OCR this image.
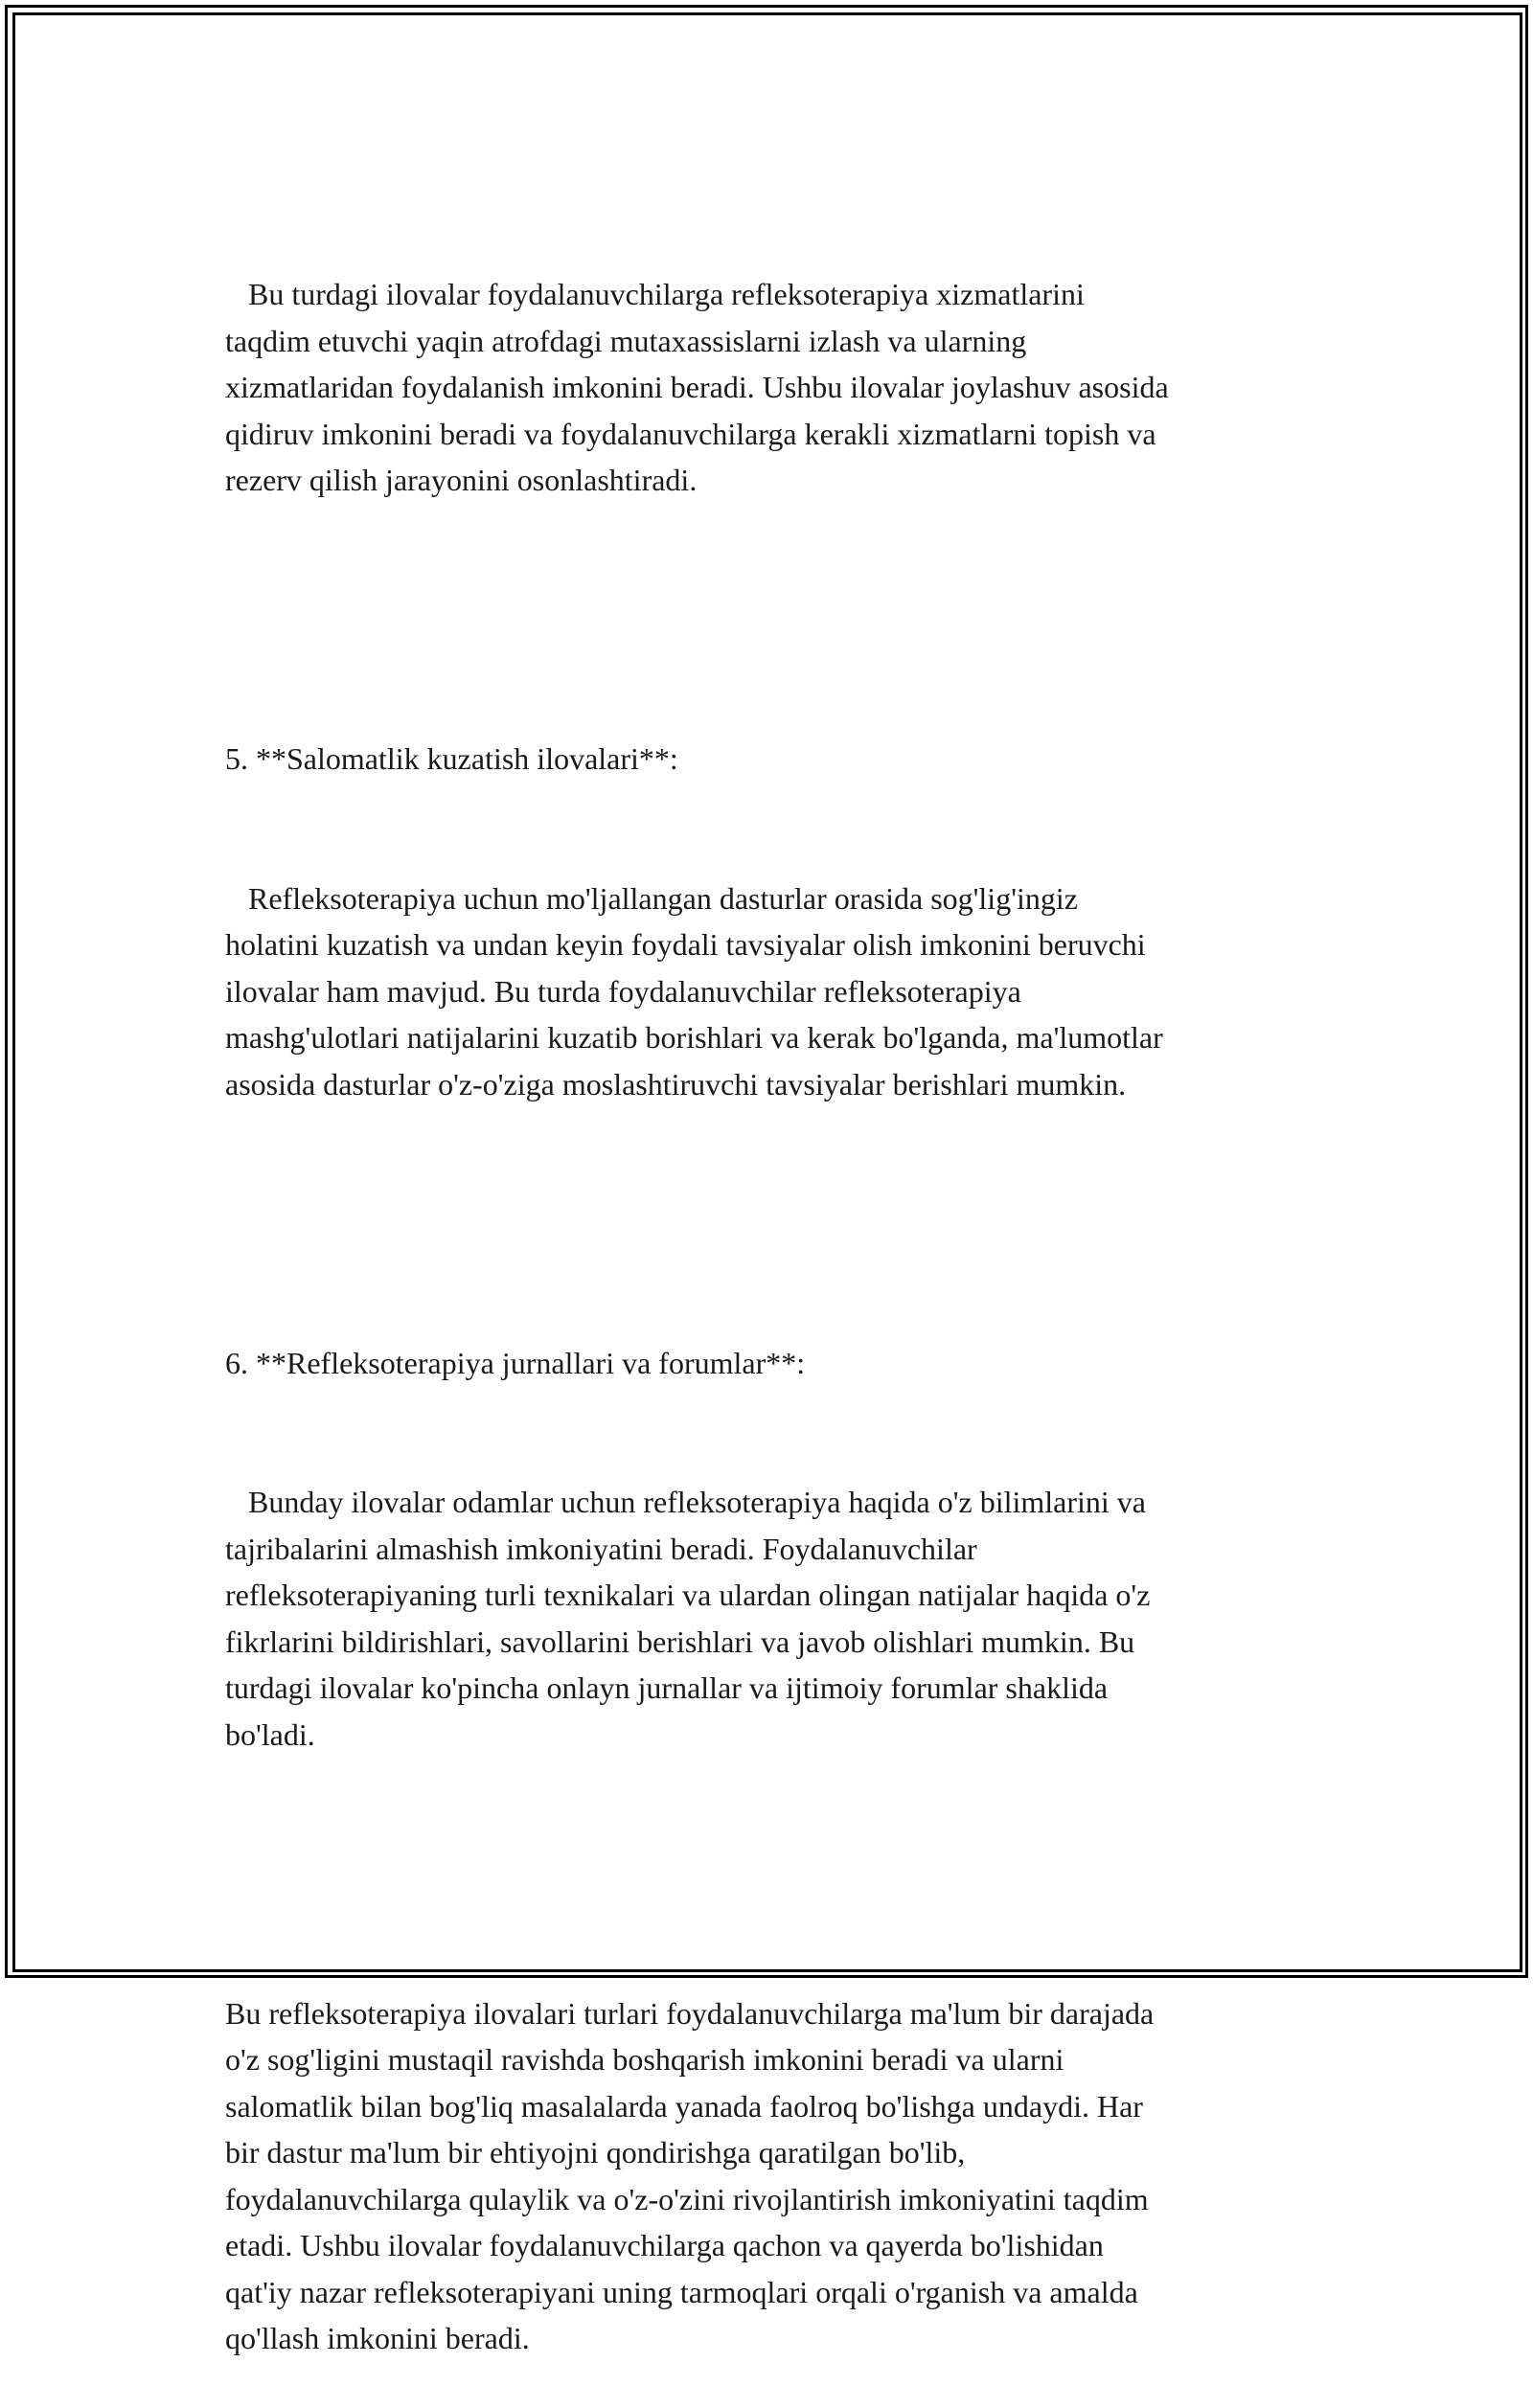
Bu turdagi ilovalar foydalanuvchilarga refleksoterapiya xizmatlarini
taqdim etuvchi yaqin atrofdagi mutaxassislarni izlash va ularning
xizmatlaridan foydalanish imkonini beradi. Ushbu ilovalar joylashuv asosida
qidiruv imkonini beradi va foydalanuvchilarga kerakli xizmatlarni topish va
rezerv qilish jarayonini osonlashtiradi.

5. **Salomatlik kuzatish ilovalari**:

Refleksoterapiya uchun mo'ljallangan dasturlar orasida sog'lig'ingiz
holatini kuzatish va undan keyin foydali tavsiyalar olish imkonini beruvchi
ilovalar ham mavjud. Bu turda foydalanuvchilar refleksoterapiya
mashg'ulotlari natijalarini kuzatib borishlari va kerak bo'lganda, ma'lumotlar
asosida dasturlar o'z-o'ziga moslashtiruvchi tavsiyalar berishlari mumkin.

6. **Refleksoterapiya jurnallari va forumlar**:

Bunday ilovalar odamlar uchun refleksoterapiya haqida o'z bilimlarini va
tajribalarini almashish imkoniyatini beradi. Foydalanuvchilar
refleksoterapiyaning turli texnikalari va ulardan olingan natijalar haqida o'z
fikrlarini bildirishlari, savollarini berishlari va javob olishlari mumkin. Bu
turdagi ilovalar ko'pincha onlayn jurnallar va ijtimoiy forumlar shaklida
bo'ladi.

Bu refleksoterapiya ilovalari turlari foydalanuvchilarga ma'lum bir darajada
o'z sog'ligini mustaqil ravishda boshqarish imkonini beradi va ularni
salomatlik bilan bog'liq masalalarda yanada faolroq bo'lishga undaydi. Har
bir dastur ma'lum bir ehtiyojni qondirishga qaratilgan bo'lib,
foydalanuvchilarga qulaylik va o'z-o'zini rivojlantirish imkoniyatini taqdim
etadi. Ushbu ilovalar foydalanuvchilarga qachon va qayerda bo'lishidan
qat'iy nazar refleksoterapiyani uning tarmoqlari orqali o'rganish va amalda
qo'llash imkonini beradi.
